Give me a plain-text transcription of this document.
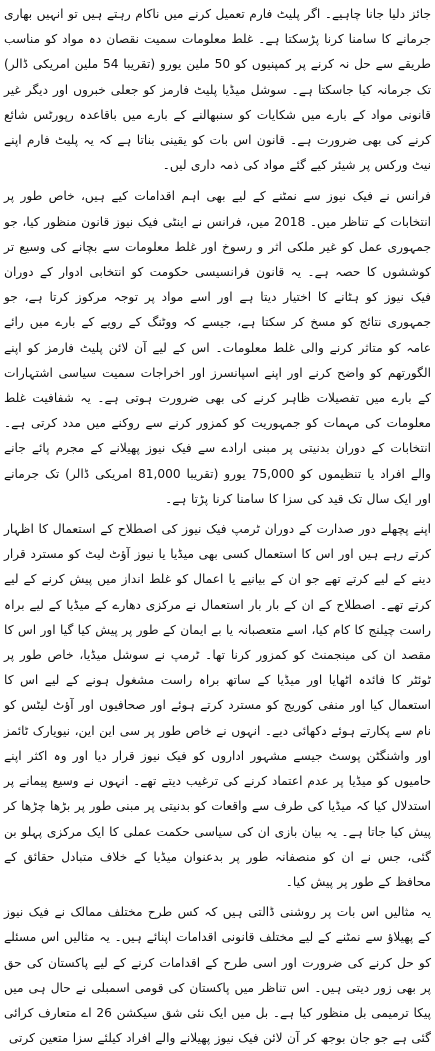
جائز دلیا جانا چاہیے۔ اگر پلیٹ فارم تعمیل کرنے میں ناکام رہتے ہیں تو انہیں بھاری جرمانے کا سامنا کرنا پڑسکتا ہے۔ غلط معلومات سمیت نقصان دہ مواد کو مناسب طریقے سے حل نہ کرنے پر کمپنیوں کو 50 ملین یورو (تقریبا 54 ملین امریکی ڈالر) تک جرمانہ کیا جاسکتا ہے۔ سوشل میڈیا پلیٹ فارمز کو جعلی خبروں اور دیگر غیر قانونی مواد کے بارے میں شکایات کو سنبھالنے کے بارے میں باقاعدہ رپورٹس شائع کرنے کی بھی ضرورت ہے۔ قانون اس بات کو یقینی بناتا ہے کہ یہ پلیٹ فارم اپنے نیٹ ورکس پر شیئر کیے گئے مواد کی ذمہ داری لیں۔

فرانس نے فیک نیوز سے نمٹنے کے لیے بھی اہم اقدامات کیے ہیں، خاص طور پر انتخابات کے تناظر میں۔ 2018 میں، فرانس نے اینٹی فیک نیوز قانون منظور کیا، جو جمہوری عمل کو غیر ملکی اثر و رسوخ اور غلط معلومات سے بچانے کی وسیع تر کوششوں کا حصہ ہے۔ یہ قانون فرانسیسی حکومت کو انتخابی ادوار کے دوران فیک نیوز کو ہٹانے کا اختیار دیتا ہے اور اسے مواد پر توجہ مرکوز کرتا ہے، جو جمہوری نتائج کو مسخ کر سکتا ہے، جیسے کہ ووٹنگ کے رویے کے بارے میں رائے عامہ کو متاثر کرنے والی غلط معلومات۔ اس کے لیے آن لائن پلیٹ فارمز کو اپنے الگورتھم کو واضح کرنے اور اپنے اسپانسرز اور اخراجات سمیت سیاسی اشتہارات کے بارے میں تفصیلات ظاہر کرنے کی بھی ضرورت ہوتی ہے۔ یہ شفافیت غلط معلومات کی مہمات کو جمہوریت کو کمزور کرنے سے روکنے میں مدد کرتی ہے۔ انتخابات کے دوران بدنیتی پر مبنی ارادے سے فیک نیوز پھیلانے کے مجرم پائے جانے والے افراد یا تنظیموں کو 75,000 یورو (تقریبا 81,000 امریکی ڈالر) تک جرمانے اور ایک سال تک قید کی سزا کا سامنا کرنا پڑتا ہے۔

اپنے پچھلے دور صدارت کے دوران ٹرمپ فیک نیوز کی اصطلاح کے استعمال کا اظہار کرتے رہے ہیں اور اس کا استعمال کسی بھی میڈیا یا نیوز آؤٹ لیٹ کو مسترد قرار دینے کے لیے کرتے تھے جو ان کے بیانیے یا اعمال کو غلط انداز میں پیش کرنے کے لیے کرتے تھے۔ اصطلاح کے ان کے بار بار استعمال نے مرکزی دھارے کے میڈیا کے لیے براہ راست چیلنج کا کام کیا، اسے متعصبانہ یا بے ایمان کے طور پر پیش کیا گیا اور اس کا مقصد ان کی مینجمنٹ کو کمزور کرنا تھا۔ ٹرمپ نے سوشل میڈیا، خاص طور پر ٹوئٹر کا فائدہ اٹھایا اور میڈیا کے ساتھ براہ راست مشغول ہونے کے لیے اس کا استعمال کیا اور منفی کوریج کو مسترد کرتے ہوئے اور صحافیوں اور آؤٹ لیٹس کو نام سے پکارتے ہوئے دکھائی دیے۔ انہوں نے خاص طور پر سی این این، نیویارک ٹائمز اور واشنگٹن پوسٹ جیسے مشہور اداروں کو فیک نیوز قرار دیا اور وہ اکثر اپنے حامیوں کو میڈیا پر عدم اعتماد کرنے کی ترغیب دیتے تھے۔ انہوں نے وسیع پیمانے پر استدلال کیا کہ میڈیا کی طرف سے واقعات کو بدنیتی پر مبنی طور پر بڑھا چڑھا کر پیش کیا جاتا ہے۔ یہ بیان بازی ان کی سیاسی حکمت عملی کا ایک مرکزی پہلو بن گئی، جس نے ان کو منصفانہ طور پر بدعنوان میڈیا کے خلاف متبادل حقائق کے محافظ کے طور پر پیش کیا۔

یہ مثالیں اس بات پر روشنی ڈالتی ہیں کہ کس طرح مختلف ممالک نے فیک نیوز کے پھیلاؤ سے نمٹنے کے لیے مختلف قانونی اقدامات اپنائے ہیں۔ یہ مثالیں اس مسئلے کو حل کرنے کی ضرورت اور اسی طرح کے اقدامات کرنے کے لیے پاکستان کی حق پر بھی زور دیتی ہیں۔ اس تناظر میں پاکستان کی قومی اسمبلی نے حال ہی میں پیکا ترمیمی بل منظور کیا ہے۔ بل میں ایک نئی شق سیکشن 26 اے متعارف کرائی گئی ہے جو جان بوجھ کر آن لائن فیک نیوز پھیلانے والے افراد کیلئے سزا متعین کرتی
